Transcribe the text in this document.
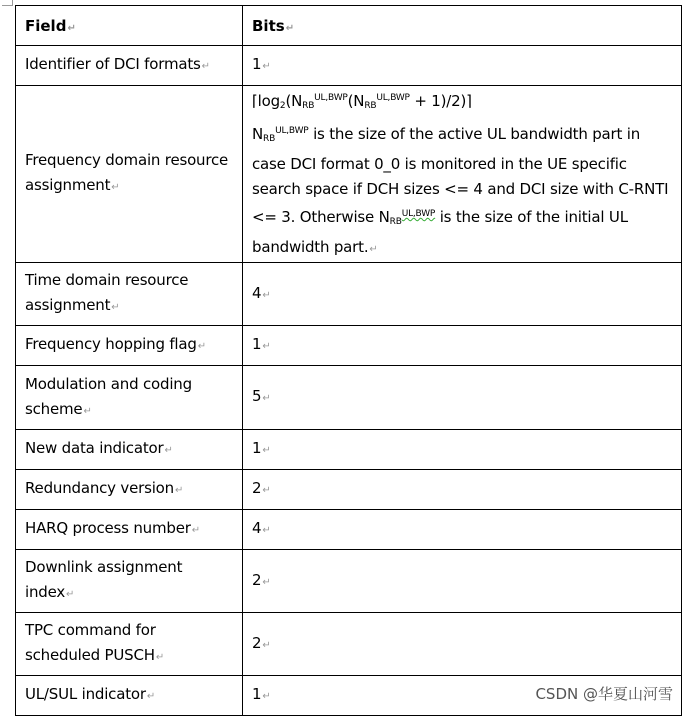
Field ↵	Bits ↵
Identifier of DCI formats ↵	1 ↵
Frequency domain resource assignment ↵	$⌈\log_2(N_{RB}^{UL,BWP}(N_{RB}^{UL,BWP}$ + 1)/2)⌉
$N_{RB}^{UL,BWP}$ is the size of the active UL bandwidth part in case DCI format 0_0 is monitored in the UE specific search space if DCH sizes <= 4 and DCI size with C-RNTI <= 3. Otherwise $N_{RB}^{UL,BWP}$ is the size of the initial UL bandwidth part. ↵

Time domain resource assignment ↵	4 ↵
Frequency hopping flag ↵	1 ↵
Modulation and coding scheme ↵	5 ↵
New data indicator ↵	1 ↵
Redundancy version ↵	2 ↵
HARQ process number ↵	4 ↵
Downlink assignment index ↵	2 ↵
TPC command for scheduled PUSCH ↵	2 ↵
UL/SUL indicator ↵	1 ↵	CSDN @华夏山河雪
